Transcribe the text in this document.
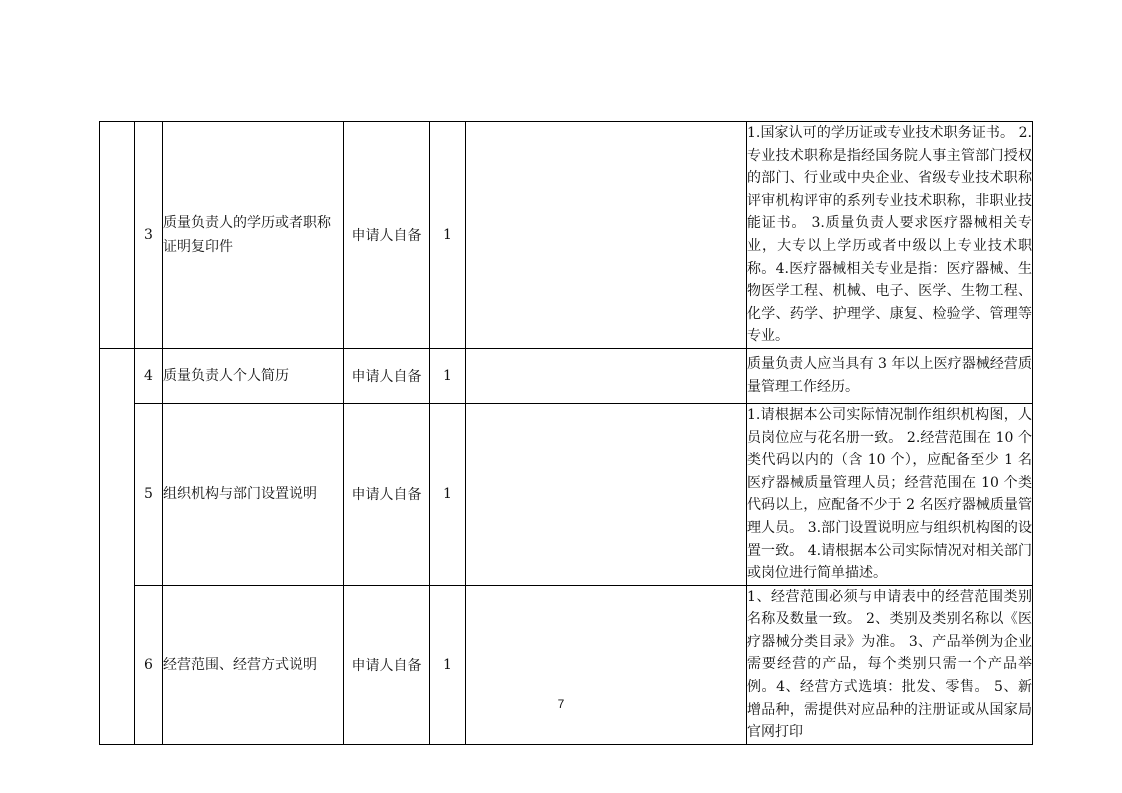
	3	质量负责人的学历或者职称证明复印件	申请人自备	1		1.国家认可的学历证或专业技术职务证书。 2.专业技术职称是指经国务院人事主管部门授权的部门、行业或中央企业、省级专业技术职称评审机构评审的系列专业技术职称，非职业技能证书。 3.质量负责人要求医疗器械相关专业，大专以上学历或者中级以上专业技术职称。4.医疗器械相关专业是指：医疗器械、生物医学工程、机械、电子、医学、生物工程、化学、药学、护理学、康复、检验学、管理等专业。
	4	质量负责人个人简历	申请人自备	1		质量负责人应当具有 3 年以上医疗器械经营质量管理工作经历。
	5	组织机构与部门设置说明	申请人自备	1		1.请根据本公司实际情况制作组织机构图，人员岗位应与花名册一致。 2.经营范围在 10 个类代码以内的（含 10 个），应配备至少 1 名医疗器械质量管理人员；经营范围在 10 个类代码以上，应配备不少于 2 名医疗器械质量管理人员。 3.部门设置说明应与组织机构图的设置一致。 4.请根据本公司实际情况对相关部门或岗位进行简单描述。
	6	经营范围、经营方式说明	申请人自备	1		1、经营范围必须与申请表中的经营范围类别名称及数量一致。 2、类别及类别名称以《医疗器械分类目录》为准。 3、产品举例为企业需要经营的产品，每个类别只需一个产品举例。4、经营方式选填：批发、零售。 5、新增品种，需提供对应品种的注册证或从国家局官网打印
7
